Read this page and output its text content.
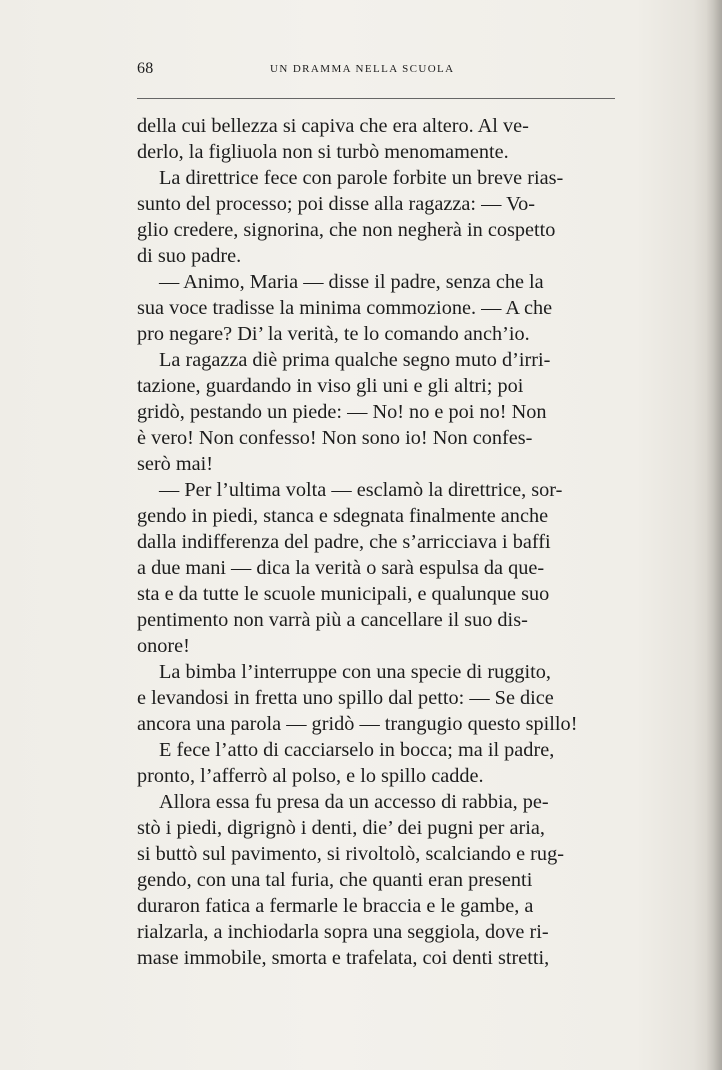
68	UN DRAMMA NELLA SCUOLA
della cui bellezza si capiva che era altero. Al ve-
derlo, la figliuola non si turbò menomamente.
La direttrice fece con parole forbite un breve rias-
sunto del processo; poi disse alla ragazza: — Vo-
glio credere, signorina, che non negherà in cospetto
di suo padre.
— Animo, Maria — disse il padre, senza che la
sua voce tradisse la minima commozione. — A che
pro negare? Di’ la verità, te lo comando anch’io.
La ragazza diè prima qualche segno muto d’irri-
tazione, guardando in viso gli uni e gli altri; poi
gridò, pestando un piede: — No! no e poi no! Non
è vero! Non confesso! Non sono io! Non confes-
serò mai!
— Per l’ultima volta — esclamò la direttrice, sor-
gendo in piedi, stanca e sdegnata finalmente anche
dalla indifferenza del padre, che s’arricciava i baffi
a due mani — dica la verità o sarà espulsa da que-
sta e da tutte le scuole municipali, e qualunque suo
pentimento non varrà più a cancellare il suo dis-
onore!
La bimba l’interruppe con una specie di ruggito,
e levandosi in fretta uno spillo dal petto: — Se dice
ancora una parola — gridò — trangugio questo spillo!
E fece l’atto di cacciarselo in bocca; ma il padre,
pronto, l’afferrò al polso, e lo spillo cadde.
Allora essa fu presa da un accesso di rabbia, pe-
stò i piedi, digrignò i denti, die’ dei pugni per aria,
si buttò sul pavimento, si rivoltolò, scalciando e rug-
gendo, con una tal furia, che quanti eran presenti
duraron fatica a fermarle le braccia e le gambe, a
rialzarla, a inchiodarla sopra una seggiola, dove ri-
mase immobile, smorta e trafelata, coi denti stretti,
